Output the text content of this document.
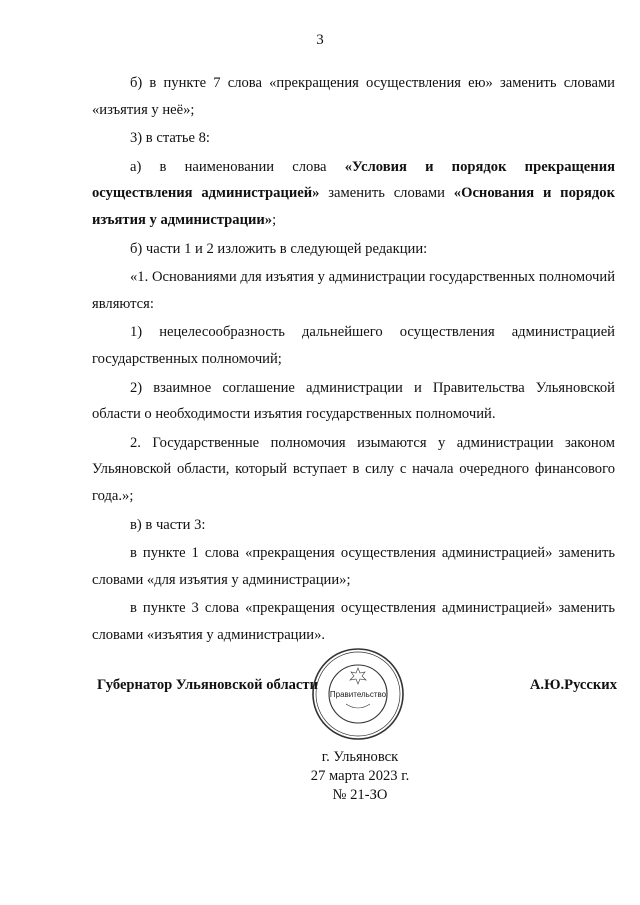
3

б) в пункте 7 слова «прекращения осуществления ею» заменить словами «изъятия у неё»;

3) в статье 8:

а) в наименовании слова «Условия и порядок прекращения осуществления администрацией» заменить словами «Основания и порядок изъятия у администрации»;

б) части 1 и 2 изложить в следующей редакции:

«1. Основаниями для изъятия у администрации государственных полномочий являются:

1) нецелесообразность дальнейшего осуществления администрацией государственных полномочий;

2) взаимное соглашение администрации и Правительства Ульяновской области о необходимости изъятия государственных полномочий.

2. Государственные полномочия изымаются у администрации законом Ульяновской области, который вступает в силу с начала очередного финансового года.»;

в) в части 3:

в пункте 1 слова «прекращения осуществления администрацией» заменить словами «для изъятия у администрации»;

в пункте 3 слова «прекращения осуществления администрацией» заменить словами «изъятия у администрации».

Губернатор Ульяновской области	А.Ю.Русских
Правительство
г. Ульяновск
27 марта 2023 г.
№ 21-ЗО
